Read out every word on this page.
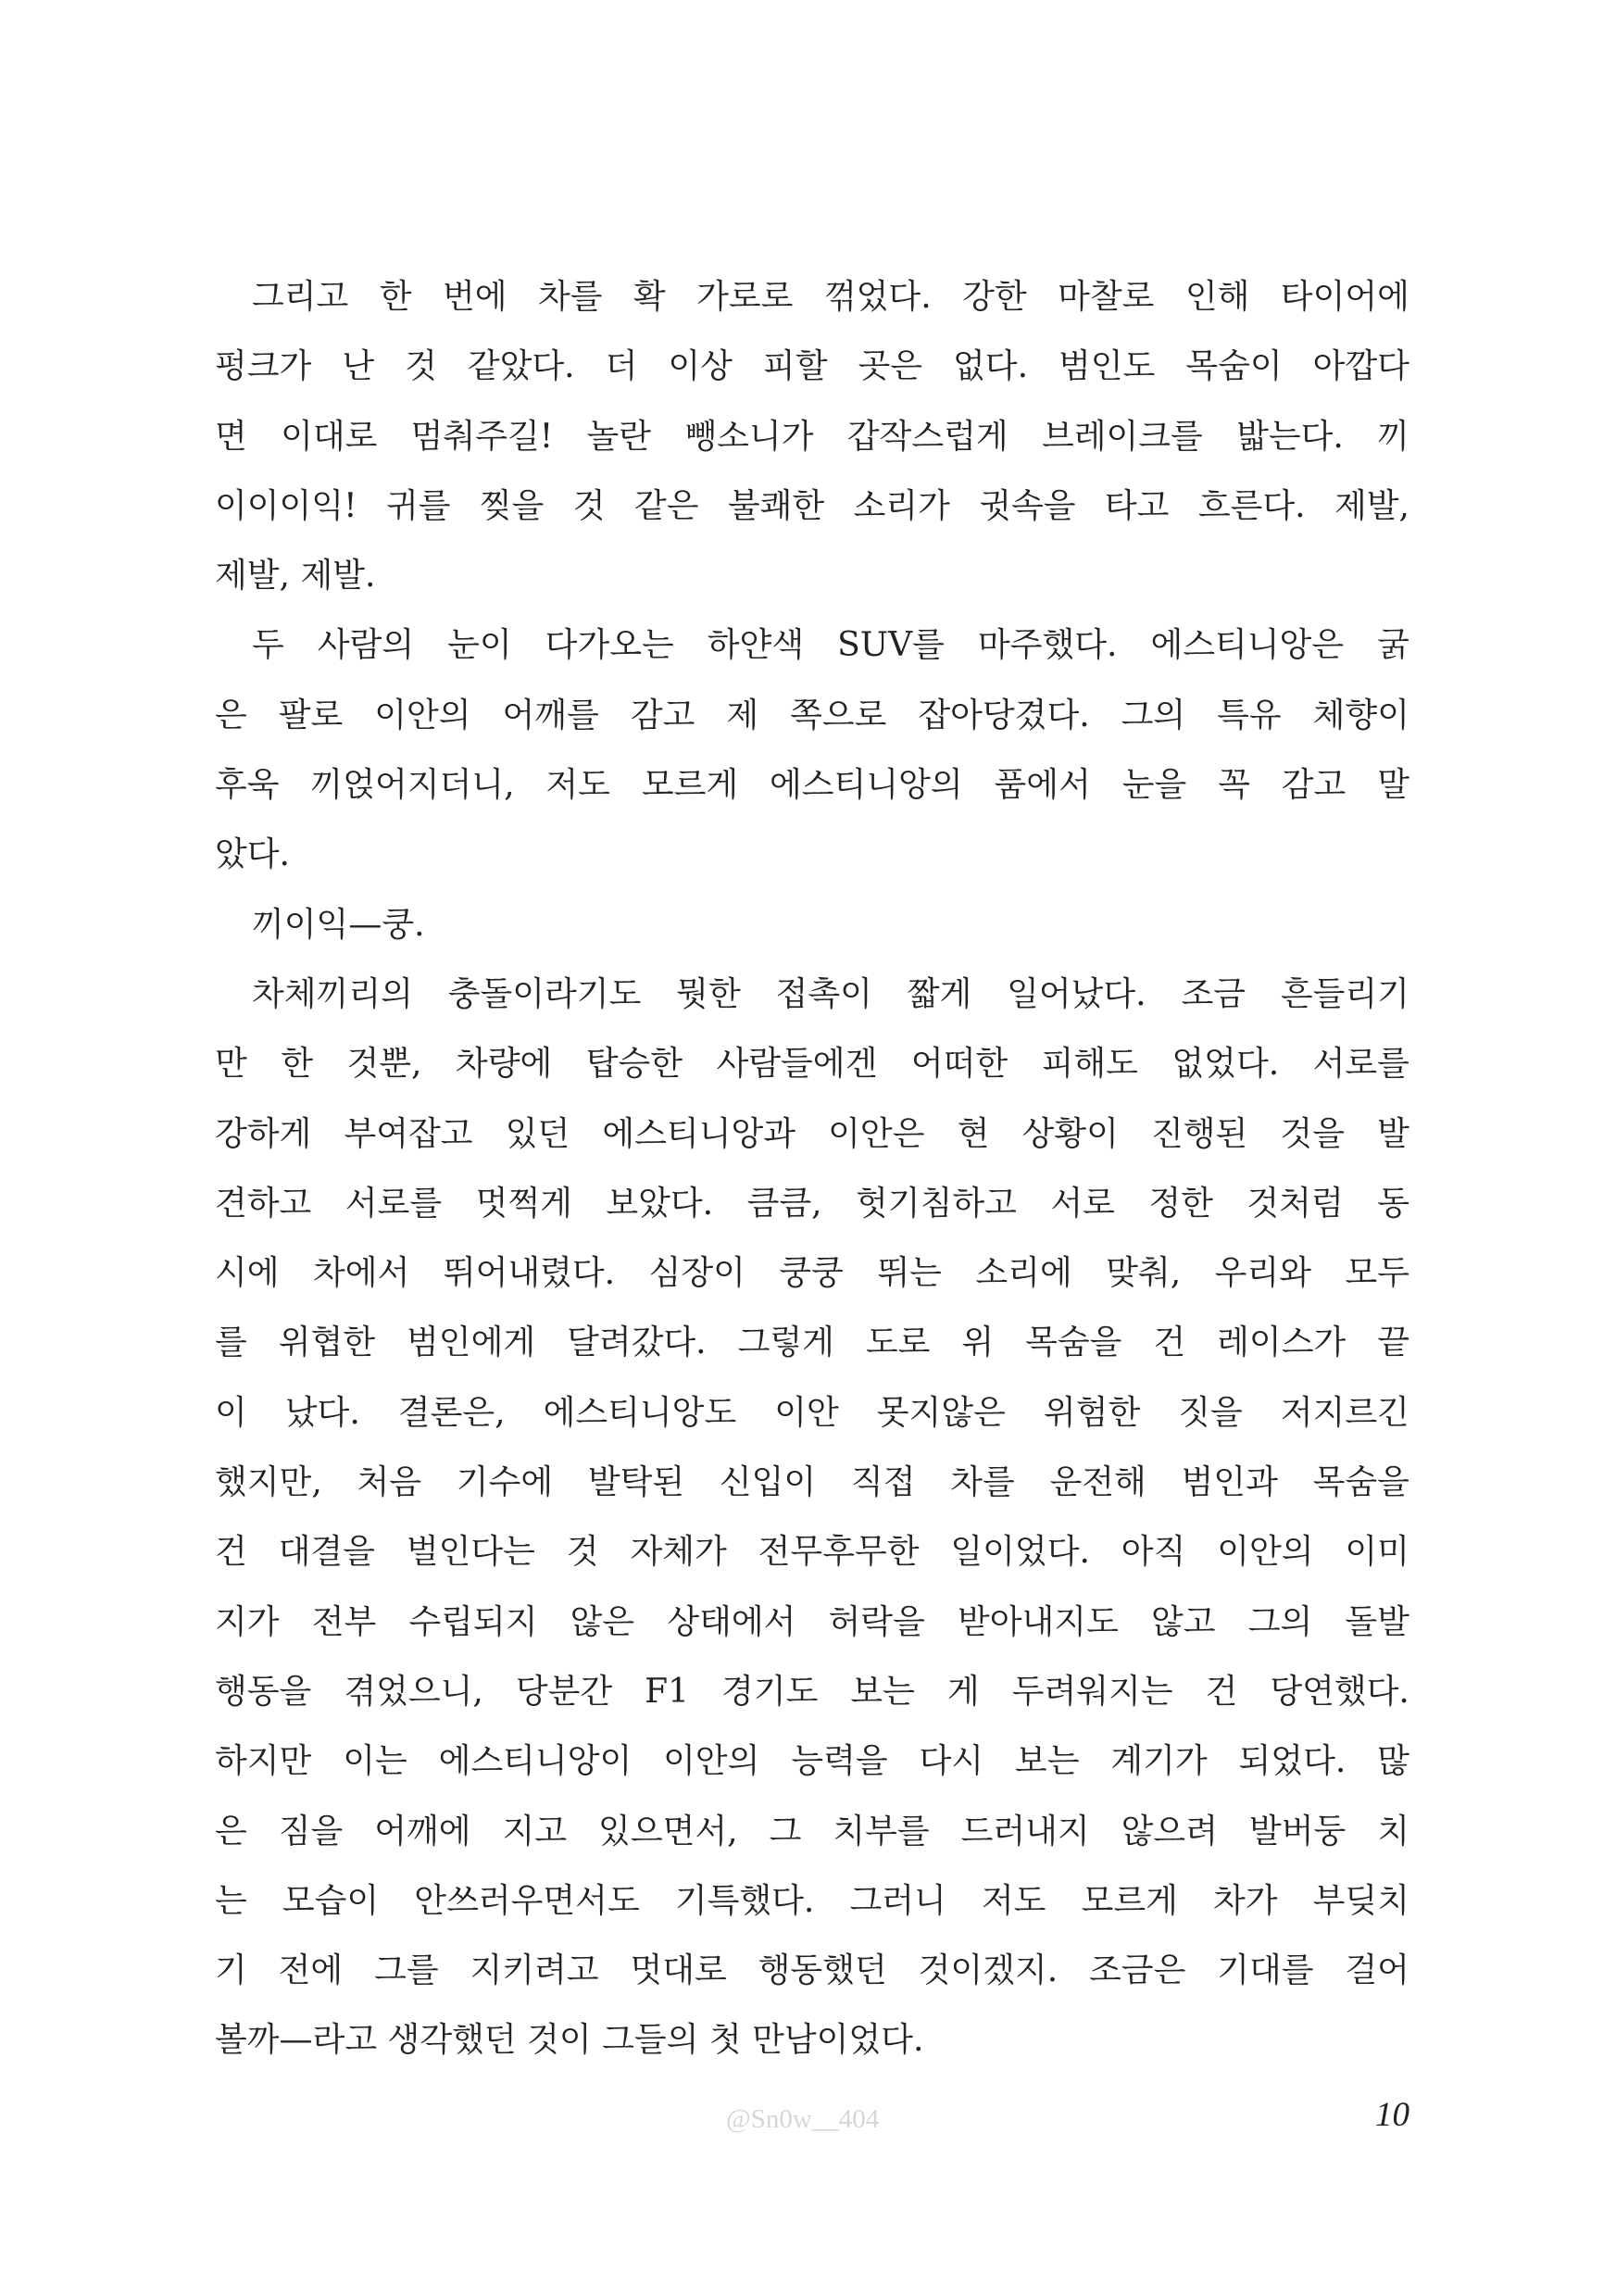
그리고 한 번에 차를 확 가로로 꺾었다. 강한 마찰로 인해 타이어에
펑크가 난 것 같았다. 더 이상 피할 곳은 없다. 범인도 목숨이 아깝다
면 이대로 멈춰주길! 놀란 뺑소니가 갑작스럽게 브레이크를 밟는다. 끼
이이이익! 귀를 찢을 것 같은 불쾌한 소리가 귓속을 타고 흐른다. 제발,
제발, 제발.
두 사람의 눈이 다가오는 하얀색 SUV를 마주했다. 에스티니앙은 굵
은 팔로 이안의 어깨를 감고 제 쪽으로 잡아당겼다. 그의 특유 체향이
후욱 끼얹어지더니, 저도 모르게 에스티니앙의 품에서 눈을 꼭 감고 말
았다.
끼이익—쿵.
차체끼리의 충돌이라기도 뭣한 접촉이 짧게 일어났다. 조금 흔들리기
만 한 것뿐, 차량에 탑승한 사람들에겐 어떠한 피해도 없었다. 서로를
강하게 부여잡고 있던 에스티니앙과 이안은 현 상황이 진행된 것을 발
견하고 서로를 멋쩍게 보았다. 큼큼, 헛기침하고 서로 정한 것처럼 동
시에 차에서 뛰어내렸다. 심장이 쿵쿵 뛰는 소리에 맞춰, 우리와 모두
를 위협한 범인에게 달려갔다. 그렇게 도로 위 목숨을 건 레이스가 끝
이 났다. 결론은, 에스티니앙도 이안 못지않은 위험한 짓을 저지르긴
했지만, 처음 기수에 발탁된 신입이 직접 차를 운전해 범인과 목숨을
건 대결을 벌인다는 것 자체가 전무후무한 일이었다. 아직 이안의 이미
지가 전부 수립되지 않은 상태에서 허락을 받아내지도 않고 그의 돌발
행동을 겪었으니, 당분간 F1 경기도 보는 게 두려워지는 건 당연했다.
하지만 이는 에스티니앙이 이안의 능력을 다시 보는 계기가 되었다. 많
은 짐을 어깨에 지고 있으면서, 그 치부를 드러내지 않으려 발버둥 치
는 모습이 안쓰러우면서도 기특했다. 그러니 저도 모르게 차가 부딪치
기 전에 그를 지키려고 멋대로 행동했던 것이겠지. 조금은 기대를 걸어
볼까—라고 생각했던 것이 그들의 첫 만남이었다.
@Sn0w__404	10
